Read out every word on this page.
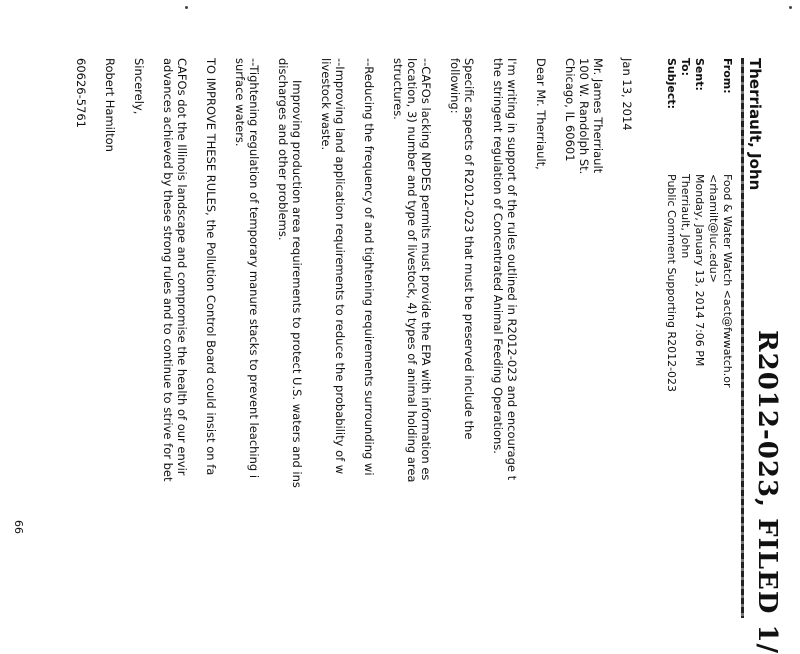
R2012-023, FILED 1/
Therriault, John
From:
Food & Water Watch <act@fwwatch.or
<rhamilt@luc.edu>
Sent:
Monday, January 13, 2014 7:06 PM
To:
Therriault, John
Subject:
Public Comment Supporting R2012-023
Jan 13, 2014
Mr. James Therriault
100 W. Randolph St.
Chicago, IL 60601
Dear Mr. Therriault,
I'm writing in support of the rules outlined in R2012-023 and encourage t
the stringent regulation of Concentrated Animal Feeding Operations.
Specific aspects of R2012-023 that must be preserved include the
following:
--CAFOs lacking NPDES permits must provide the EPA with information es
location, 3) number and type of livestock, 4) types of animal holding area
structures.
--Reducing the frequency of and tightening requirements surrounding wi
--Improving land application requirements to reduce the probability of w
livestock waste.
Improving production area requirements to protect U.S. waters and ins
discharges and other problems.
--Tightening regulation of temporary manure stacks to prevent leaching i
surface waters.
TO IMPROVE THESE RULES, the Pollution Control Board could insist on fa
CAFOs dot the Illinois landscape and compromise the health of our envir
advances achieved by these strong rules and to continue to strive for bet
Sincerely,
Robert Hamilton
60626-5761
66
